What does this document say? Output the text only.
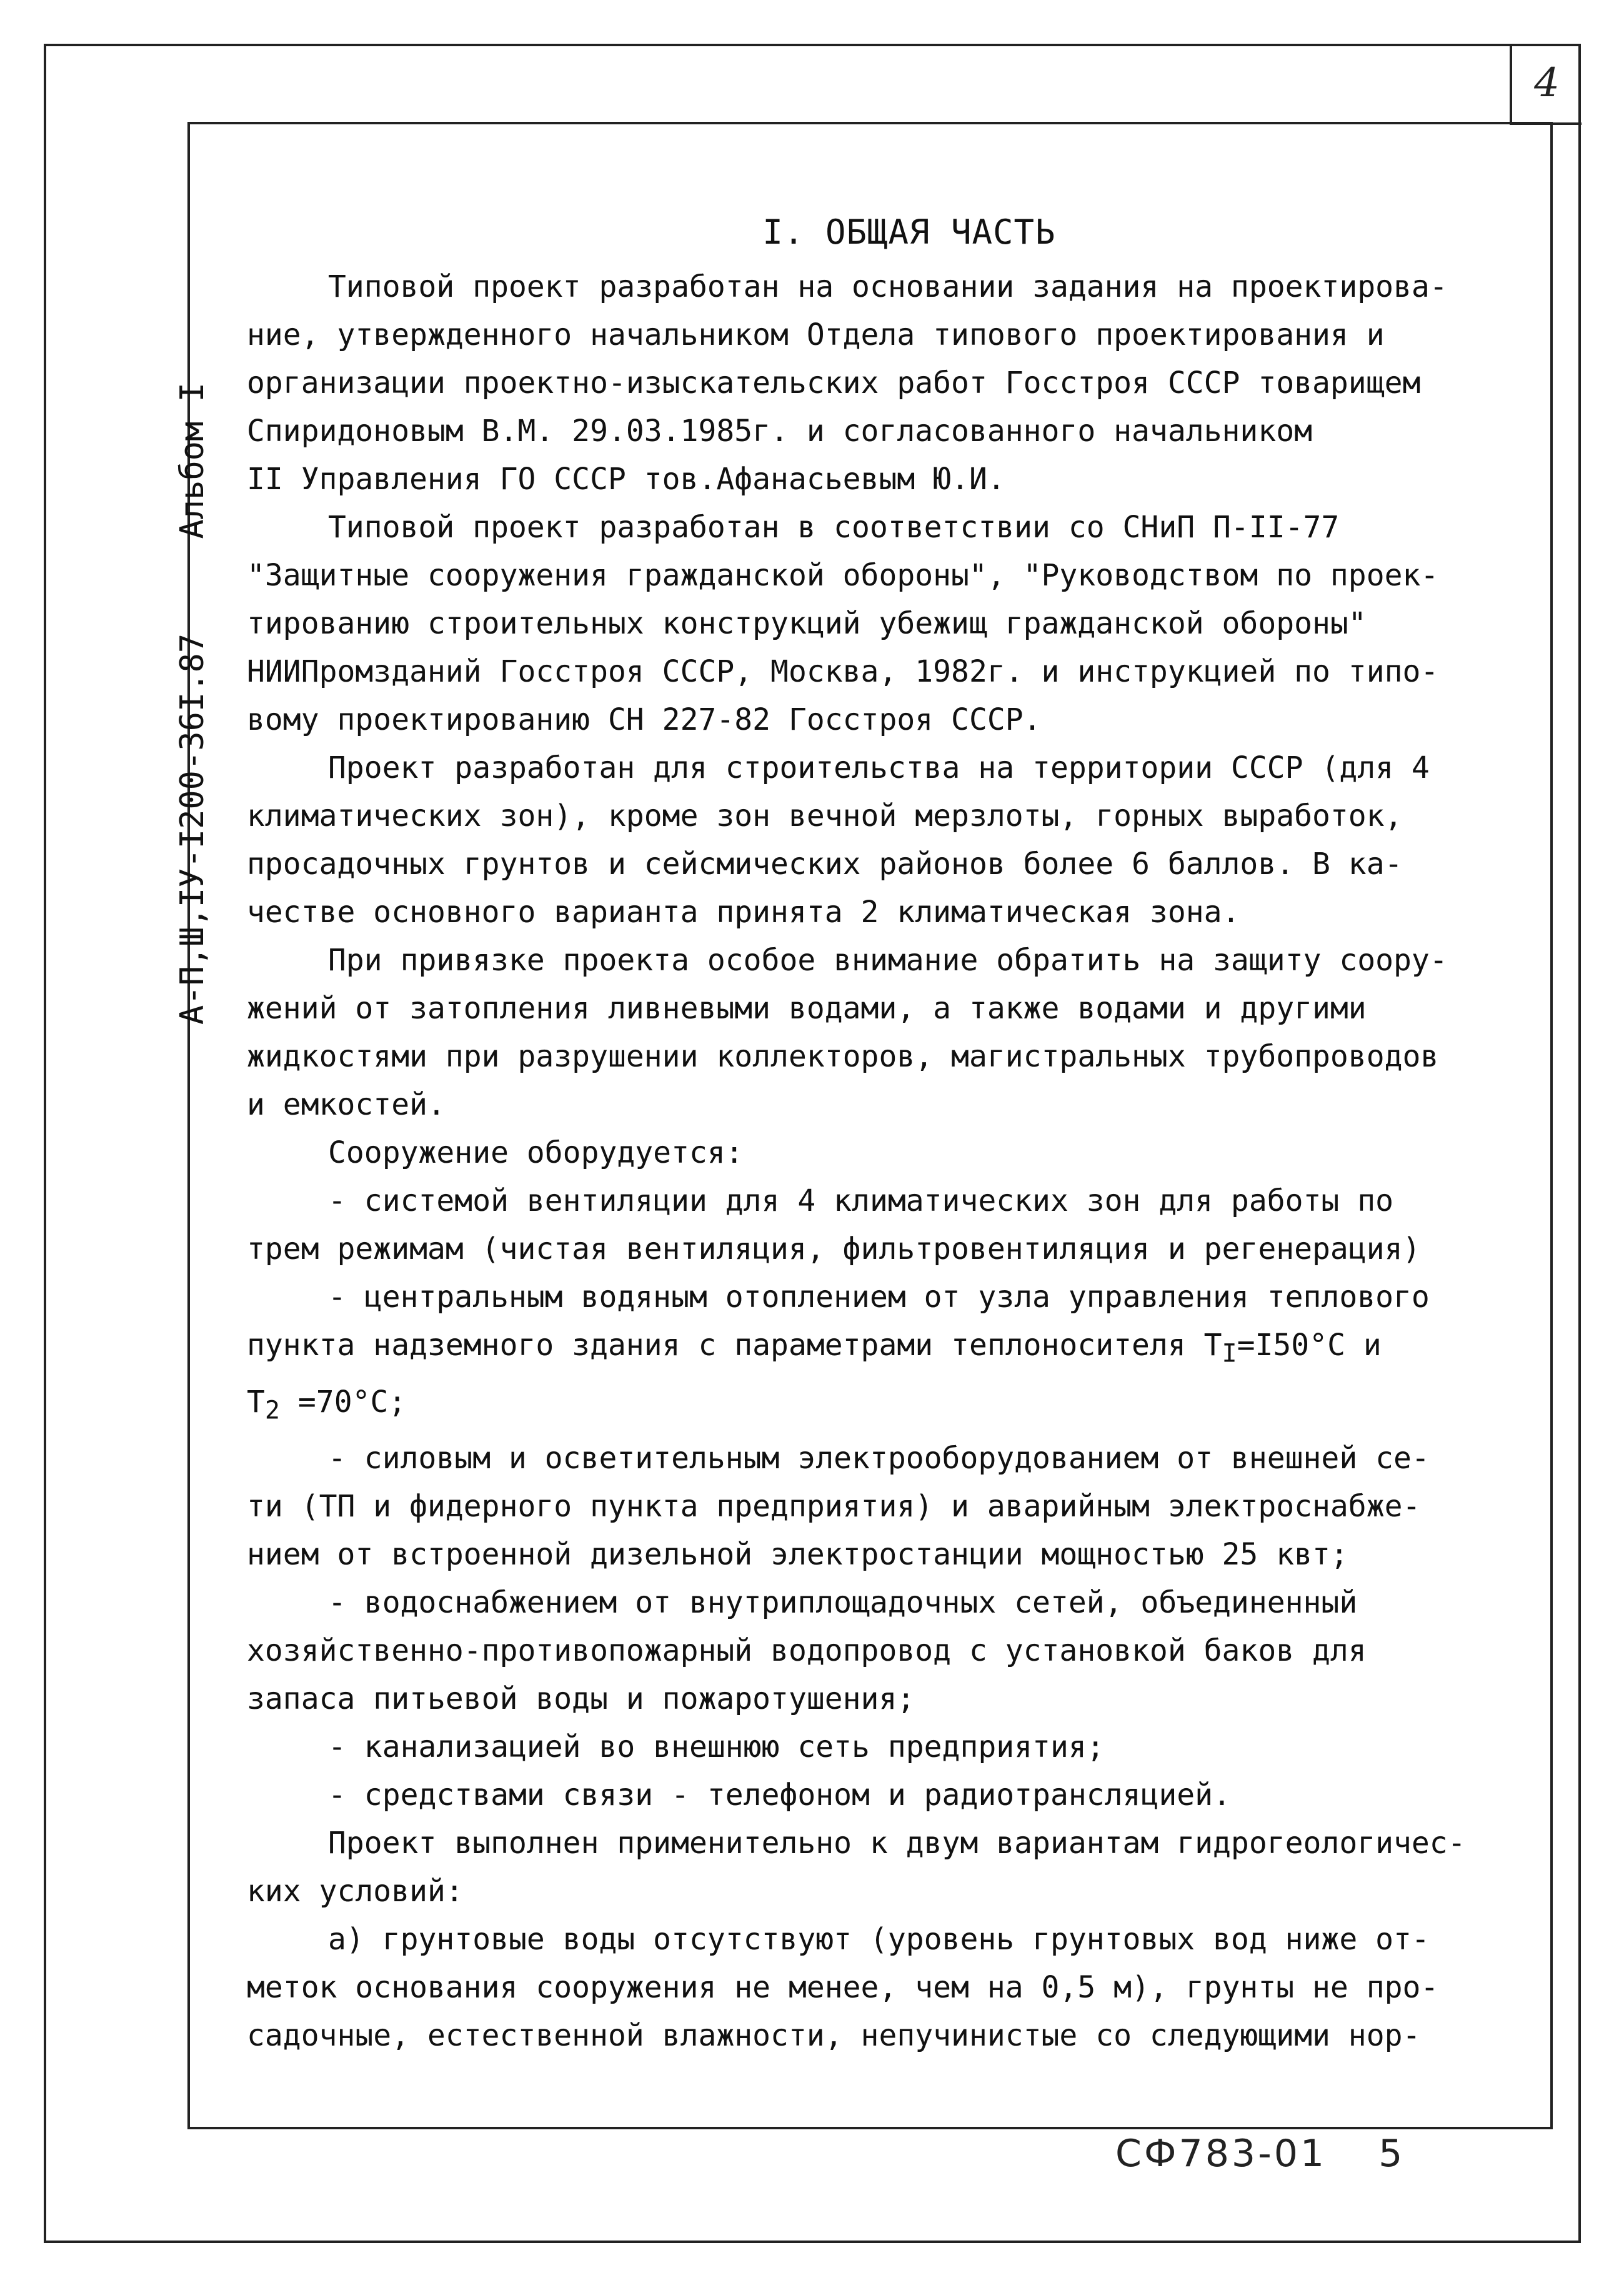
4
А-П,Ш,IУ-I200-36I.87 Альбом I
I. ОБЩАЯ ЧАСТЬ
Типовой проект разработан на основании задания на проектирова-
ние, утвержденного начальником Отдела типового проектирования и
организации проектно-изыскательских работ Госстроя СССР товарищем
Спиридоновым В.М. 29.03.1985г. и согласованного начальником
II Управления ГО СССР тов.Афанасьевым Ю.И.
Типовой проект разработан в соответствии со СНиП П-II-77
"Защитные сооружения гражданской обороны", "Руководством по проек-
тированию строительных конструкций убежищ гражданской обороны"
НИИПромзданий Госстроя СССР, Москва, 1982г. и инструкцией по типо-
вому проектированию СН 227-82 Госстроя СССР.
Проект разработан для строительства на территории СССР (для 4
климатических зон), кроме зон вечной мерзлоты, горных выработок,
просадочных грунтов и сейсмических районов более 6 баллов. В ка-
честве основного варианта принята 2 климатическая зона.
При привязке проекта особое внимание обратить на защиту соору-
жений от затопления ливневыми водами, а также водами и другими
жидкостями при разрушении коллекторов, магистральных трубопроводов
и емкостей.
Сооружение оборудуется:
- системой вентиляции для 4 климатических зон для работы по
трем режимам (чистая вентиляция, фильтровентиляция и регенерация)
- центральным водяным отоплением от узла управления теплового
пункта надземного здания с параметрами теплоносителя $T_I=I50^\circ C$ и
$T_2 =70^\circ C$;
- силовым и осветительным электрооборудованием от внешней се-
ти (ТП и фидерного пункта предприятия) и аварийным электроснабже-
нием от встроенной дизельной электростанции мощностью 25 квт;
- водоснабжением от внутриплощадочных сетей, объединенный
хозяйственно-противопожарный водопровод с установкой баков для
запаса питьевой воды и пожаротушения;
- канализацией во внешнюю сеть предприятия;
- средствами связи - телефоном и радиотрансляцией.
Проект выполнен применительно к двум вариантам гидрогеологичес-
ких условий:
а) грунтовые воды отсутствуют (уровень грунтовых вод ниже от-
меток основания сооружения не менее, чем на 0,5 м), грунты не про-
садочные, естественной влажности, непучинистые со следующими нор-
СФ783-01 5
